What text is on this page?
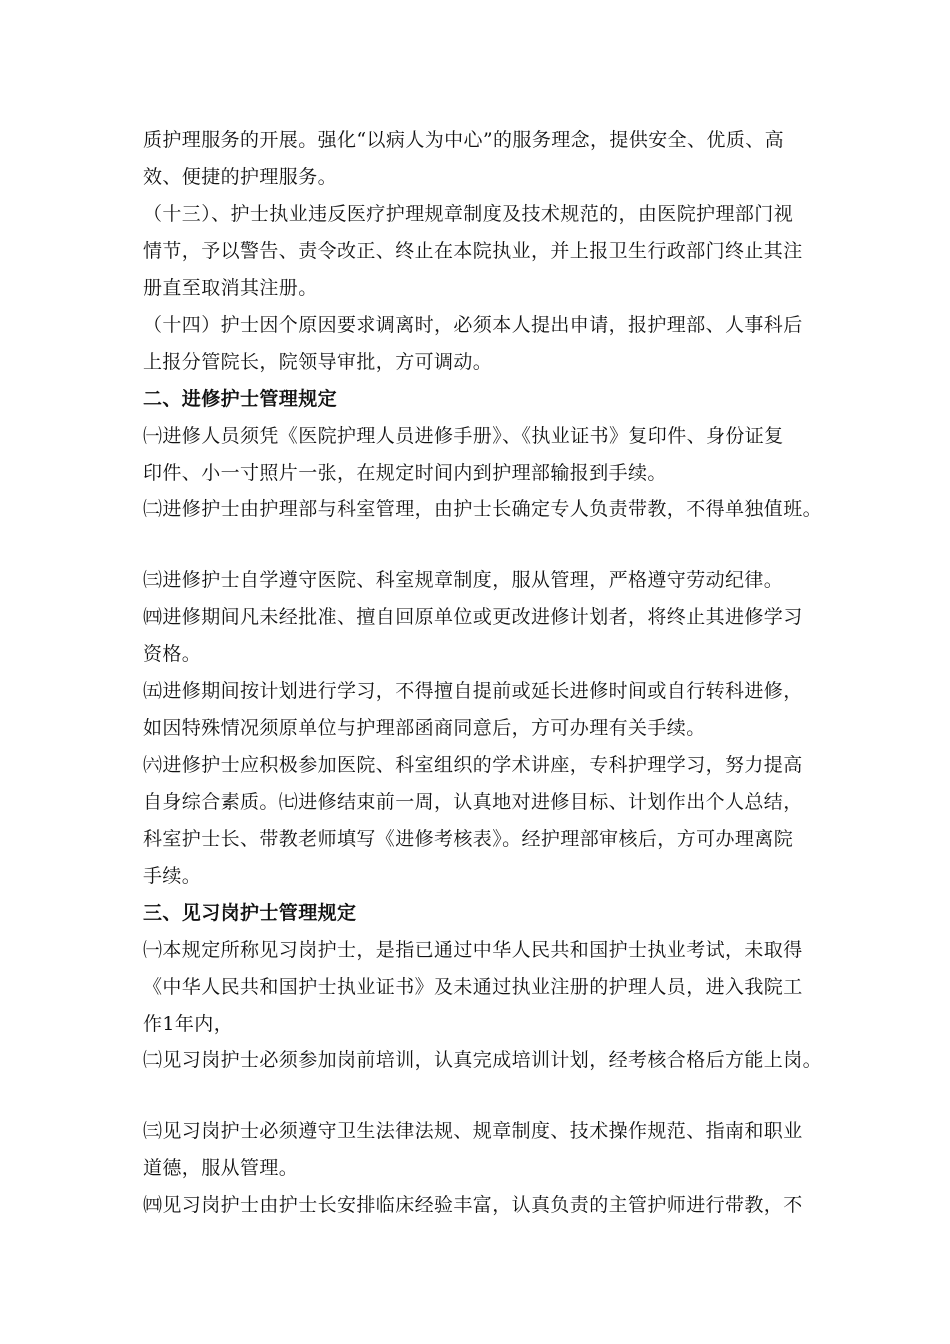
质护理服务的开展。强化“以病人为中心”的服务理念，提供安全、优质、高
效、便捷的护理服务。
（十三）、护士执业违反医疗护理规章制度及技术规范的，由医院护理部门视
情节，予以警告、责令改正、终止在本院执业，并上报卫生行政部门终止其注
册直至取消其注册。
（十四）护士因个原因要求调离时，必须本人提出申请，报护理部、人事科后
上报分管院长，院领导审批，方可调动。
二、进修护士管理规定
㈠进修人员须凭《医院护理人员进修手册》、《执业证书》复印件、身份证复
印件、小一寸照片一张，在规定时间内到护理部输报到手续。
㈡进修护士由护理部与科室管理，由护士长确定专人负责带教，不得单独值班。
㈢进修护士自学遵守医院、科室规章制度，服从管理，严格遵守劳动纪律。
㈣进修期间凡未经批准、擅自回原单位或更改进修计划者，将终止其进修学习
资格。
㈤进修期间按计划进行学习，不得擅自提前或延长进修时间或自行转科进修，
如因特殊情况须原单位与护理部函商同意后，方可办理有关手续。
㈥进修护士应积极参加医院、科室组织的学术讲座，专科护理学习，努力提高
自身综合素质。㈦进修结束前一周，认真地对进修目标、计划作出个人总结，
科室护士长、带教老师填写《进修考核表》。经护理部审核后，方可办理离院
手续。
三、见习岗护士管理规定
㈠本规定所称见习岗护士，是指已通过中华人民共和国护士执业考试，未取得
《中华人民共和国护士执业证书》及未通过执业注册的护理人员，进入我院工
作1年内，
㈡见习岗护士必须参加岗前培训，认真完成培训计划，经考核合格后方能上岗。
㈢见习岗护士必须遵守卫生法律法规、规章制度、技术操作规范、指南和职业
道德，服从管理。
㈣见习岗护士由护士长安排临床经验丰富，认真负责的主管护师进行带教，不
